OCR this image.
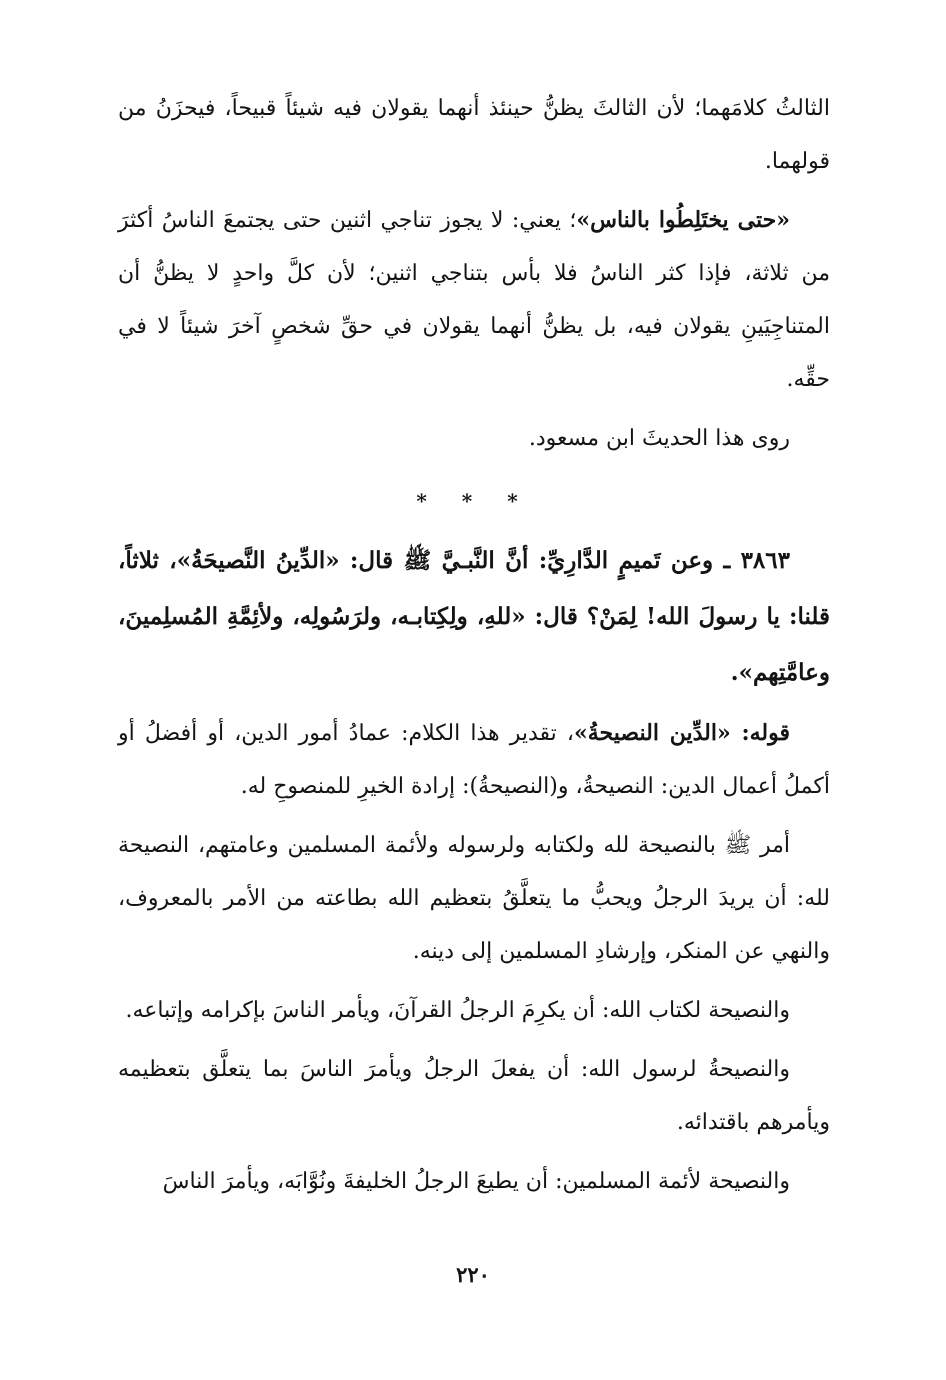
الثالثُ كلامَهما؛ لأن الثالثَ يظنُّ حينئذ أنهما يقولان فيه شيئاً قبيحاً، فيحزَنُ من قولهما.

«حتى يختَلِطُوا بالناس»؛ يعني: لا يجوز تناجي اثنين حتى يجتمعَ الناسُ أكثرَ من ثلاثة، فإذا كثر الناسُ فلا بأس بتناجي اثنين؛ لأن كلَّ واحدٍ لا يظنُّ أن المتناجِيَينِ يقولان فيه، بل يظنُّ أنهما يقولان في حقِّ شخصٍ آخرَ شيئاً لا في حقِّه.

روى هذا الحديثَ ابن مسعود.

* * *

٣٨٦٣ ـ وعن تَميمٍ الدَّارِيِّ: أنَّ النَّبـيَّ ﷺ قال: «الدِّينُ النَّصيحَةُ»، ثلاثاً، قلنا: يا رسولَ الله! لِمَنْ؟ قال: «للهِ، ولِكِتابـه، ولرَسُولِه، ولأئِمَّةِ المُسلِمينَ، وعامَّتِهم».

قوله: «الدِّين النصيحةُ»، تقدير هذا الكلام: عمادُ أمور الدين، أو أفضلُ أو أكملُ أعمال الدين: النصيحةُ، و(النصيحةُ): إرادة الخيرِ للمنصوحِ له.

أمر ﷺ بالنصيحة لله ولكتابه ولرسوله ولأئمة المسلمين وعامتهم، النصيحة لله: أن يريدَ الرجلُ ويحبُّ ما يتعلَّقُ بتعظيم الله بطاعته من الأمر بالمعروف، والنهي عن المنكر، وإرشادِ المسلمين إلى دينه.

والنصيحة لكتاب الله: أن يكرِمَ الرجلُ القرآنَ، ويأمر الناسَ بإكرامه وإتباعه.

والنصيحةُ لرسول الله: أن يفعلَ الرجلُ ويأمرَ الناسَ بما يتعلَّق بتعظيمه ويأمرهم باقتدائه.

والنصيحة لأئمة المسلمين: أن يطيعَ الرجلُ الخليفةَ ونُوَّابَه، ويأمرَ الناسَ

٢٢٠
